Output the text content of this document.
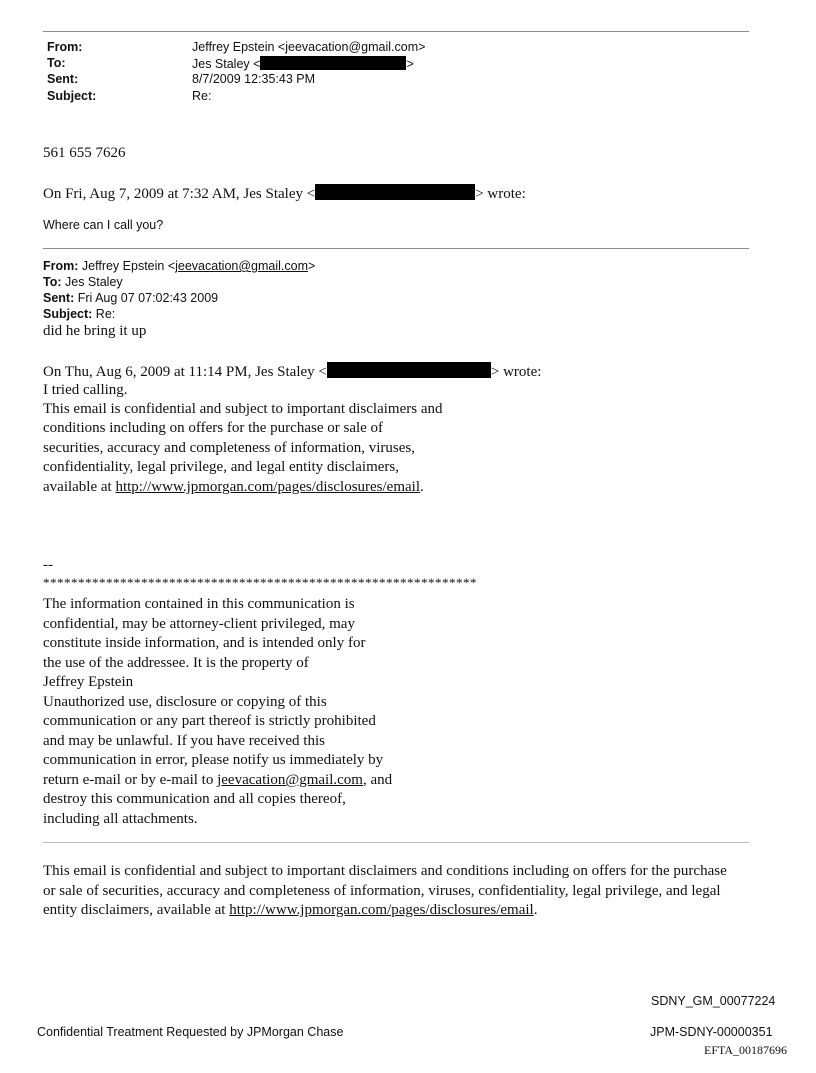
From:	Jeffrey Epstein <jeevacation@gmail.com>
To:	Jes Staley <	>
Sent:	8/7/2009 12:35:43 PM
Subject:	Re:
561 655 7626
On Fri, Aug 7, 2009 at 7:32 AM, Jes Staley <	> wrote:
Where can I call you?
From: Jeffrey Epstein <jeevacation@gmail.com>
To: Jes Staley
Sent: Fri Aug 07 07:02:43 2009
Subject: Re:
did he bring it up
On Thu, Aug 6, 2009 at 11:14 PM, Jes Staley <	> wrote:
I tried calling.
This email is confidential and subject to important disclaimers and
conditions including on offers for the purchase or sale of
securities, accuracy and completeness of information, viruses,
confidentiality, legal privilege, and legal entity disclaimers,
available at http://www.jpmorgan.com/pages/disclosures/email.
--
**************************************************************
The information contained in this communication is
confidential, may be attorney-client privileged, may
constitute inside information, and is intended only for
the use of the addressee. It is the property of
Jeffrey Epstein
Unauthorized use, disclosure or copying of this
communication or any part thereof is strictly prohibited
and may be unlawful. If you have received this
communication in error, please notify us immediately by
return e-mail or by e-mail to jeevacation@gmail.com, and
destroy this communication and all copies thereof,
including all attachments.
This email is confidential and subject to important disclaimers and conditions including on offers for the purchase
or sale of securities, accuracy and completeness of information, viruses, confidentiality, legal privilege, and legal
entity disclaimers, available at http://www.jpmorgan.com/pages/disclosures/email.
SDNY_GM_00077224
Confidential Treatment Requested by JPMorgan Chase	JPM-SDNY-00000351
EFTA_00187696
